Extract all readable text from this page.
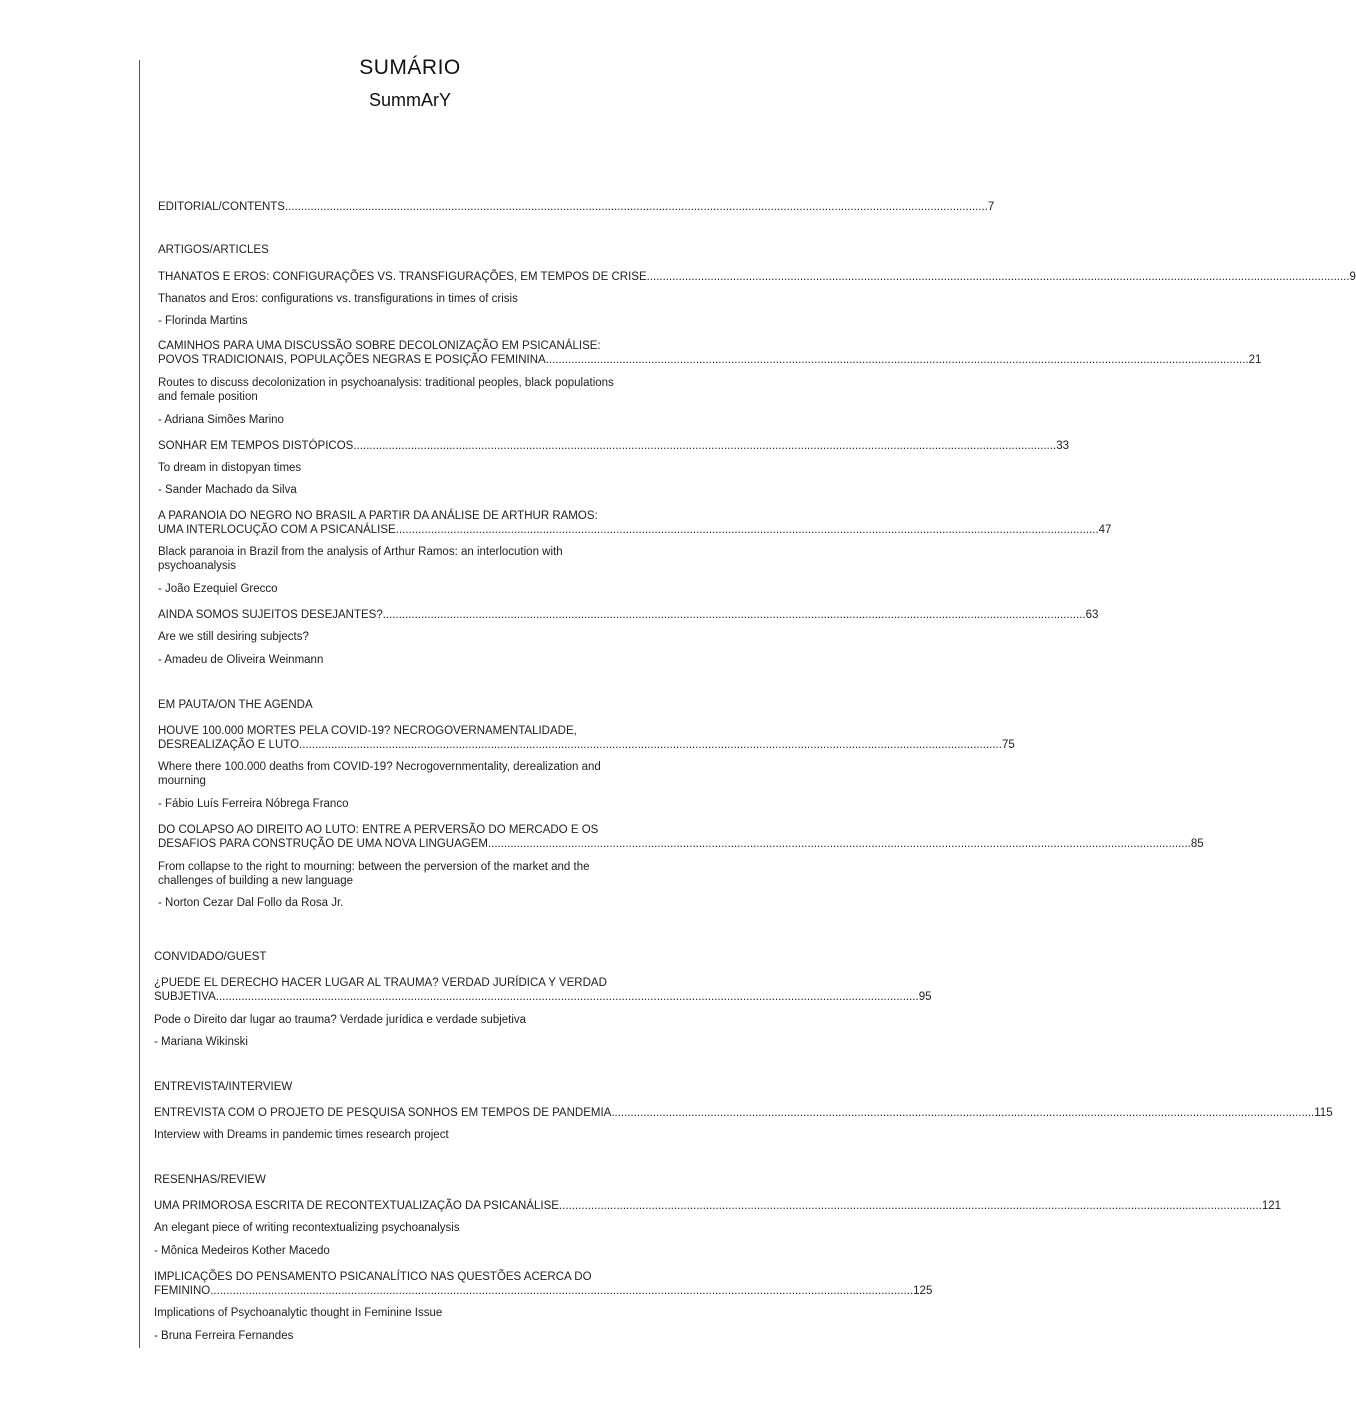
SUMÁRIO
SummArY
EDITORIAL/CONTENTS ............................................................................................................................................................................................................................ 7
ARTIGOS/ARTICLES
THANATOS E EROS: CONFIGURAÇÕES VS. TRANSFIGURAÇÕES, EM TEMPOS DE CRISE ............................................................................................................................................................................................................................ 9
Thanatos and Eros: configurations vs. transfigurations in times of crisis
- Florinda Martins
CAMINHOS PARA UMA DISCUSSÃO SOBRE DECOLONIZAÇÃO EM PSICANÁLISE:
POVOS TRADICIONAIS, POPULAÇÕES NEGRAS E POSIÇÃO FEMININA ............................................................................................................................................................................................................................ 21
Routes to discuss decolonization in psychoanalysis: traditional peoples, black populations
and female position
- Adriana Simões Marino
SONHAR EM TEMPOS DISTÓPICOS ............................................................................................................................................................................................................................ 33
To dream in distopyan times
- Sander Machado da Silva
A PARANOIA DO NEGRO NO BRASIL A PARTIR DA ANÁLISE DE ARTHUR RAMOS:
UMA INTERLOCUÇÃO COM A PSICANÁLISE ............................................................................................................................................................................................................................ 47
Black paranoia in Brazil from the analysis of Arthur Ramos: an interlocution with
psychoanalysis
- João Ezequiel Grecco
AINDA SOMOS SUJEITOS DESEJANTES? ............................................................................................................................................................................................................................ 63
Are we still desiring subjects?
- Amadeu de Oliveira Weinmann
EM PAUTA/ON THE AGENDA
HOUVE 100.000 MORTES PELA COVID-19? NECROGOVERNAMENTALIDADE,
DESREALIZAÇÃO E LUTO ............................................................................................................................................................................................................................ 75
Where there 100.000 deaths from COVID-19? Necrogovernmentality, derealization and
mourning
- Fábio Luís Ferreira Nóbrega Franco
DO COLAPSO AO DIREITO AO LUTO: ENTRE A PERVERSÃO DO MERCADO E OS
DESAFIOS PARA CONSTRUÇÃO DE UMA NOVA LINGUAGEM ............................................................................................................................................................................................................................ 85
From collapse to the right to mourning: between the perversion of the market and the
challenges of building a new language
- Norton Cezar Dal Follo da Rosa Jr.
CONVIDADO/GUEST
¿PUEDE EL DERECHO HACER LUGAR AL TRAUMA? VERDAD JURÍDICA Y VERDAD
SUBJETIVA ............................................................................................................................................................................................................................ 95
Pode o Direito dar lugar ao trauma? Verdade jurídica e verdade subjetiva
- Mariana Wikinski
ENTREVISTA/INTERVIEW
ENTREVISTA COM O PROJETO DE PESQUISA SONHOS EM TEMPOS DE PANDEMIA ............................................................................................................................................................................................................................ 115
Interview with Dreams in pandemic times research project
RESENHAS/REVIEW
UMA PRIMOROSA ESCRITA DE RECONTEXTUALIZAÇÃO DA PSICANÁLISE ............................................................................................................................................................................................................................ 121
An elegant piece of writing recontextualizing psychoanalysis
- Mônica Medeiros Kother Macedo
IMPLICAÇÕES DO PENSAMENTO PSICANALÍTICO NAS QUESTÕES ACERCA DO
FEMININO ............................................................................................................................................................................................................................ 125
Implications of Psychoanalytic thought in Feminine Issue
- Bruna Ferreira Fernandes
